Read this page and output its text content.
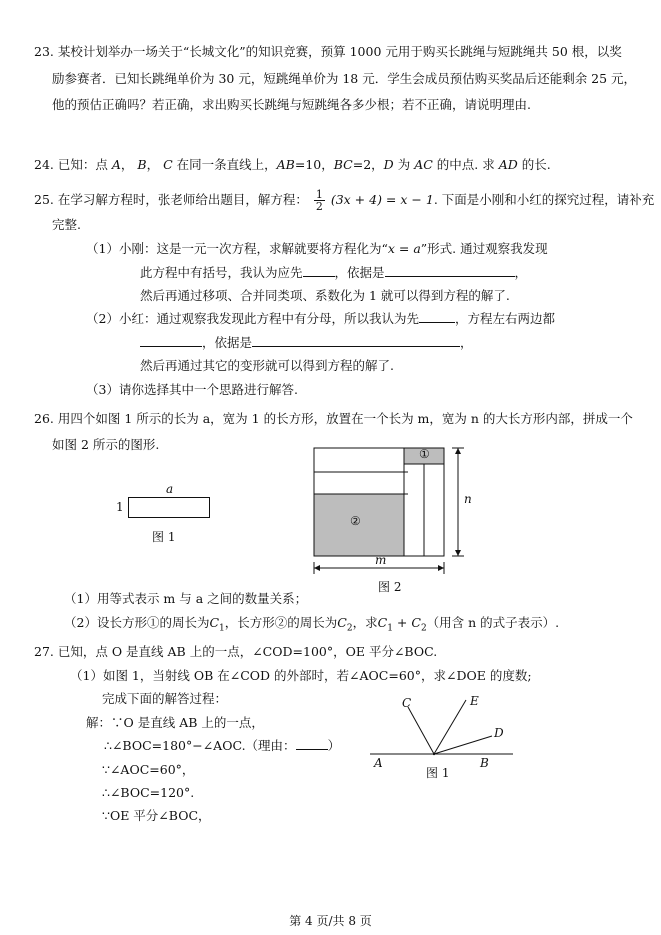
23. 某校计划举办一场关于“长城文化”的知识竞赛，预算 1000 元用于购买长跳绳与短跳绳共 50 根，以奖
励参赛者．已知长跳绳单价为 30 元，短跳绳单价为 18 元．学生会成员预估购买奖品后还能剩余 25 元，
他的预估正确吗？若正确，求出购买长跳绳与短跳绳各多少根；若不正确，请说明理由.
24. 已知：点 A， B， C 在同一条直线上，AB=10，BC=2，D 为 AC 的中点. 求 AD 的长.
25. 在学习解方程时，张老师给出题目，解方程： $\frac{1}{2} (3x + 4) = x - 1$. 下面是小刚和小红的探究过程，请补充
完整.
（1）小刚：这是一元一次方程，求解就要将方程化为“x = a”形式. 通过观察我发现
此方程中有括号，我认为应先	，依据是	，
然后再通过移项、合并同类项、系数化为 1 就可以得到方程的解了.
（2）小红：通过观察我发现此方程中有分母，所以我认为先	，方程左右两边都
，依据是	，
然后再通过其它的变形就可以得到方程的解了.
（3）请你选择其中一个思路进行解答.
26. 用四个如图 1 所示的长为 a，宽为 1 的长方形，放置在一个长为 m，宽为 n 的大长方形内部，拼成一个
如图 2 所示的图形.
a
1
图 1
①
②
n
m
图 2
（1）用等式表示 m 与 a 之间的数量关系；
（2）设长方形①的周长为$C_1$，长方形②的周长为$C_2$，求$C_1 + C_2$（用含 n 的式子表示）.
27. 已知，点 O 是直线 AB 上的一点，∠COD=100°，OE 平分∠BOC.
（1）如图 1，当射线 OB 在∠COD 的外部时，若∠AOC=60°，求∠DOE 的度数;
完成下面的解答过程：
解：∵O 是直线 AB 上的一点，
∴∠BOC=180°−∠AOC.（理由：	）
∵∠AOC=60°，
∴∠BOC=120°.
∵OE 平分∠BOC，
C	E
D
A	B
图 1
第 4 页/共 8 页
